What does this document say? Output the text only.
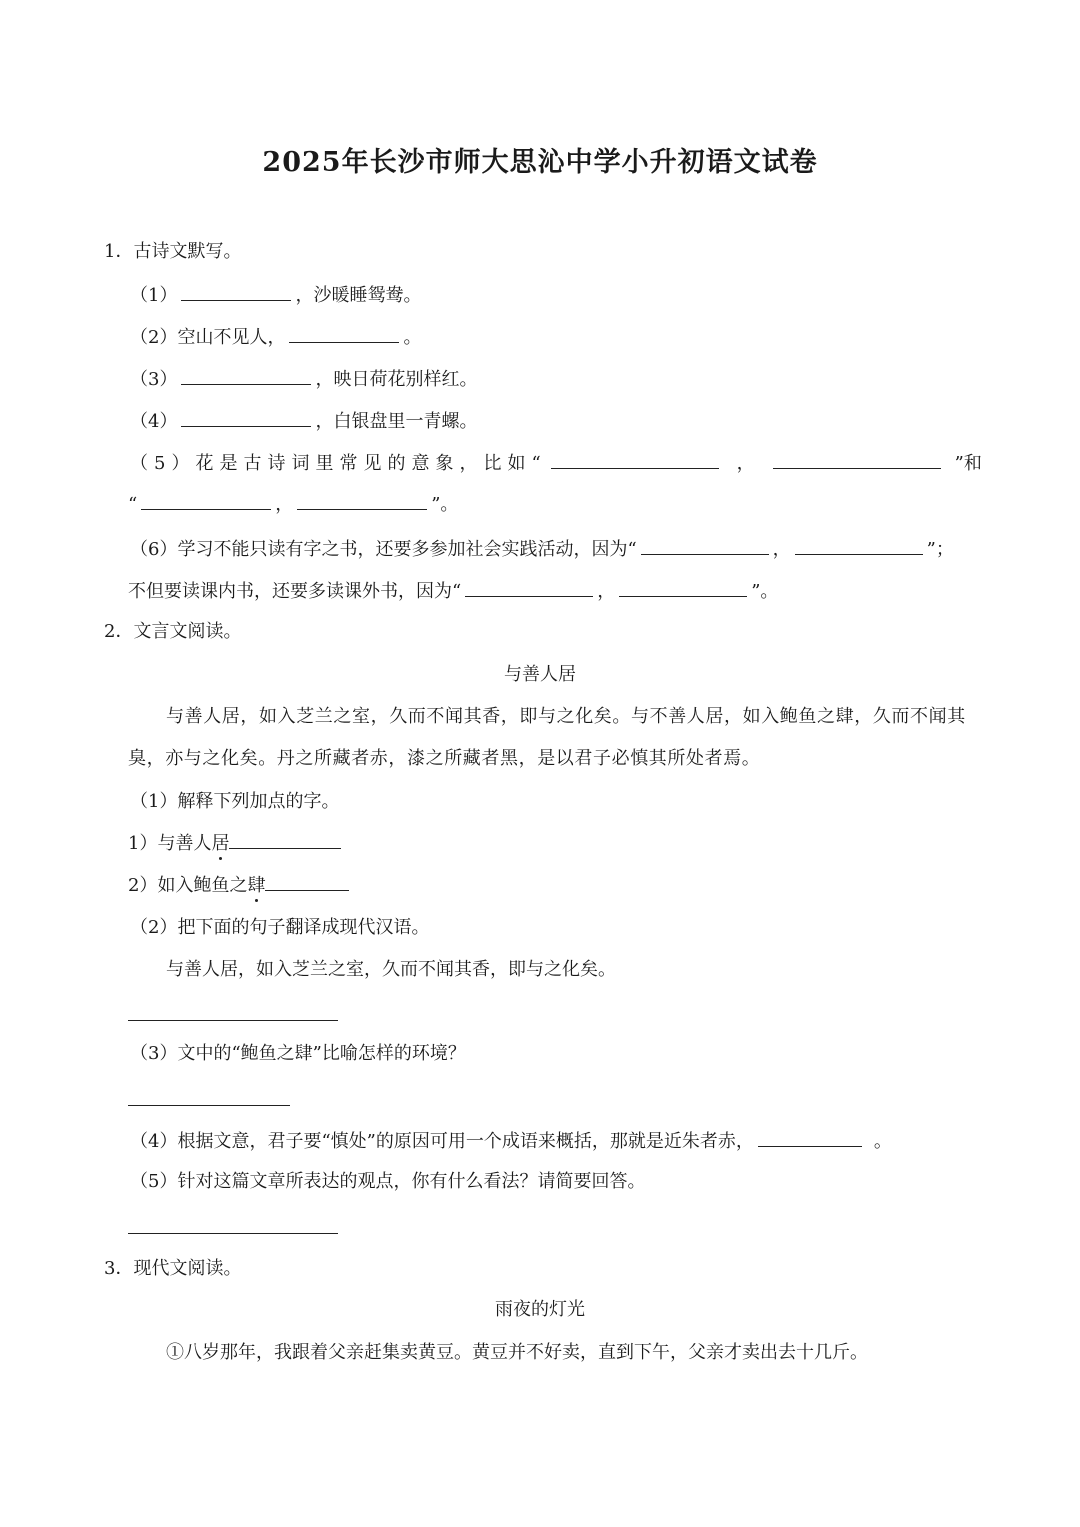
2025年长沙市师大思沁中学小升初语文试卷
1．古诗文默写。
（1）	，沙暖睡鸳鸯。
（2）空山不见人，	。
（3）	，映日荷花别样红。
（4）	，白银盘里一青螺。
（5）花是古诗词里常见的意象，比如“	，	”和
“	，	”。
（6）学习不能只读有字之书，还要多参加社会实践活动，因为“	，	”；
不但要读课内书，还要多读课外书，因为“	，	”。
2．文言文阅读。
与善人居
与善人居，如入芝兰之室，久而不闻其香，即与之化矣。与不善人居，如入鲍鱼之肆，久而不闻其
臭，亦与之化矣。丹之所藏者赤，漆之所藏者黑，是以君子必慎其所处者焉。
（1）解释下列加点的字。
1）与善人居
2）如入鲍鱼之肆
（2）把下面的句子翻译成现代汉语。
与善人居，如入芝兰之室，久而不闻其香，即与之化矣。
（3）文中的“鲍鱼之肆”比喻怎样的环境？
（4）根据文意，君子要“慎处”的原因可用一个成语来概括，那就是近朱者赤，	。
（5）针对这篇文章所表达的观点，你有什么看法？请简要回答。
3．现代文阅读。
雨夜的灯光
①八岁那年，我跟着父亲赶集卖黄豆。黄豆并不好卖，直到下午，父亲才卖出去十几斤。
